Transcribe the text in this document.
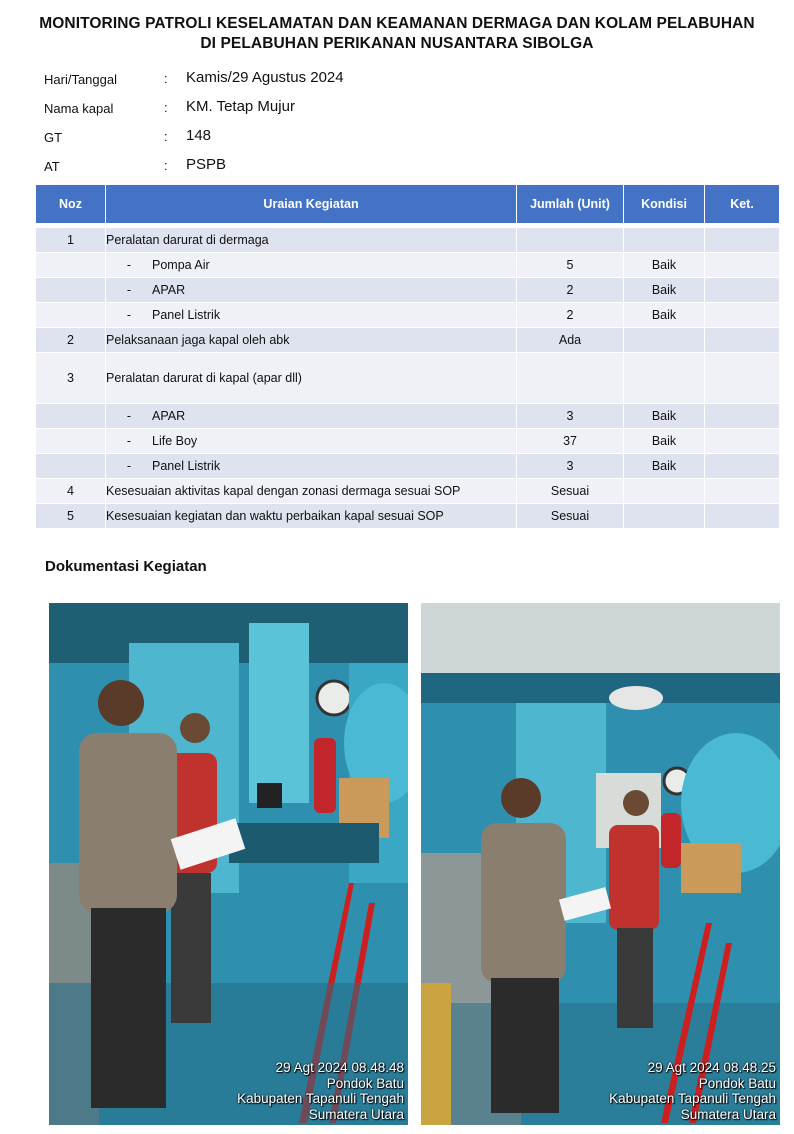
MONITORING PATROLI KESELAMATAN DAN KEAMANAN DERMAGA DAN KOLAM PELABUHAN
DI PELABUHAN PERIKANAN NUSANTARA SIBOLGA
Hari/Tanggal	: Kamis/29 Agustus 2024
Nama kapal	: KM. Tetap Mujur
GT	: 148
AT	: PSPB
Noz	Uraian Kegiatan		Jumlah (Unit)	Kondisi	Ket.

1	Peralatan darurat di dermaga				
	-	Pompa Air	5	Baik	
	-	APAR	2	Baik	
	-	Panel Listrik	2	Baik	
2	Pelaksanaan jaga kapal oleh abk		Ada		
3	Peralatan darurat di kapal (apar dll)				
	-	APAR	3	Baik	
	-	Life Boy	37	Baik	
	-	Panel Listrik	3	Baik	
4	Kesesuaian aktivitas kapal dengan zonasi dermaga sesuai SOP		Sesuai		
5	Kesesuaian kegiatan dan waktu perbaikan kapal sesuai SOP		Sesuai		
Dokumentasi Kegiatan
29 Agt 2024 08.48.48
Pondok Batu
Kabupaten Tapanuli Tengah
Sumatera Utara
29 Agt 2024 08.48.25
Pondok Batu
Kabupaten Tapanuli Tengah
Sumatera Utara
